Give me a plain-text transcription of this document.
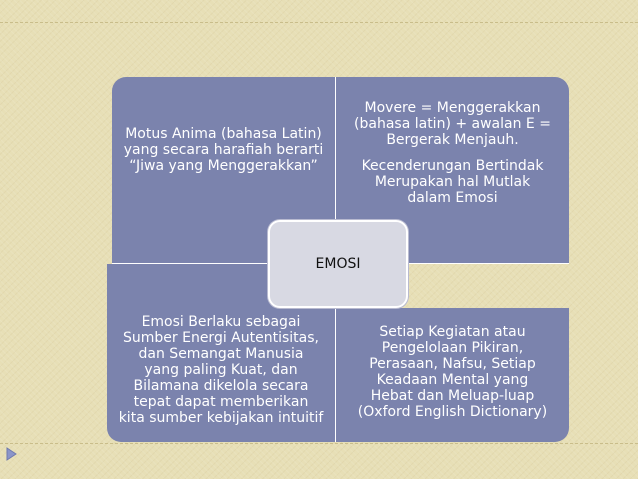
Motus Anima (bahasa Latin)
yang secara harafiah berarti
“Jiwa yang Menggerakkan”

Movere = Menggerakkan
(bahasa latin) + awalan E =
Bergerak Menjauh.

Kecenderungan Bertindak
Merupakan hal Mutlak
dalam Emosi

Emosi Berlaku sebagai
Sumber Energi Autentisitas,
dan Semangat Manusia
yang paling Kuat, dan
Bilamana dikelola secara
tepat dapat memberikan
kita sumber kebijakan intuitif

Setiap Kegiatan atau
Pengelolaan Pikiran,
Perasaan, Nafsu, Setiap
Keadaan Mental yang
Hebat dan Meluap-luap
(Oxford English Dictionary)

EMOSI
